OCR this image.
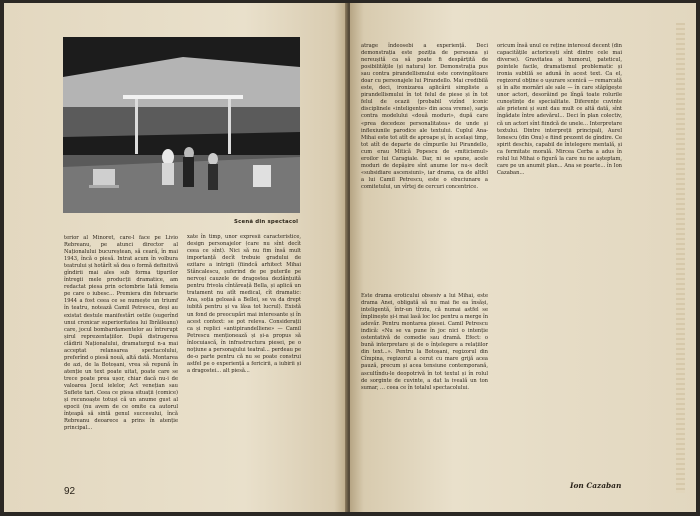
Scenă din spectacol
terior al Minoret, care-l face pe Livio Rebreanu, pe atunci director al Naționalului bucureștean, să ceară, în mai 1943, încă o piesă. Intrat acum în volbura teatrului și hotărît să dea o formă definitivă gîndirii mai ales sub forma tipurilor întregii mele producții dramatice, am redactat piesa prin octombrie Iată femeia pe care o iubesc... Premiera din februarie 1944 a fost ceea ce se numește un triumf în teatru, notează Camil Petrescu, deși au existat destule manifestări ostile (sugerînd unui cronicar superioritatea lui Ibrăileanu) care, jocul bombardamentelor au întrerupt șirul reprezentațiilor. După distrugerea clădirii Naționalului, dramaturgul n-a mai acceptat relansarea spectacolului, preferînd o piesă nouă, altă dată. Montarea de azi, de la Botoșani, vrea să repună în atenție un text poate uitat, poate care se trece poate prea ușor, chiar dacă nu-i de valoarea Jocul ielelor, Act venețian sau Suflete tari. Ceea ce piesa situații (comice) și recunoaște totuși că un anume gust al epocii (nu avem de ce omite ca autorul înțeapă să sintă genul succesului, încă Rebreanu deoarece a prins în atenție principal...
xate în timp, unor expresii caracteristice, design personajelor (care nu sînt decît ceea ce sînt). Nici să nu fim însă mult importanță decît trebuie gradului de ezitare a intrigii (fiindcă arhitect Mihai Stăncalescu, șuferind de pe puterile pe nervoși cauzele de dragostea dezlănțuită pentru frivola cîntăreață Bella, și aplică un tratament nu atît medical, cît dramatic: Ana, soția geloasă a Bellei, se va da drept iubită pentru și va lăsa tot lucrul). Există un fond de preocupări mai interesante și în acest context: se pot releva. Considerații ca și replici «antipirandelliene» — Camil Petrescu menționează și și-a propus să înlocuiască, în infrastructura piesei, pe o noțiune a personajului teatral... perdeau pe de-o parte pentru că nu se poate construi astfel pe o experiență a fericirii, a iubirii și a dragostei... alt piesă...
92
atrage îndeosebi a experiență. Deci demonstrația este poziția de persoana și nereușită ca să poate fi despărțită de posibilitățile (și natura) lor. Demonstrația pus sau contra pirandellismului este convingătoare doar cu personajele lui Pirandello. Mai credibilă este, deci, ironizarea aplicării simpliste a pirandellismului în tot felul de piese și în tot felul de ocazii (probabil vizînd iconic disciplinele «inteligente» din acea vreme), sarja contra modelului «două moduri», după care «prea decedeze personalitatea» de unde și inflexiunile parodice ale textului. Cuplul Ana-Mihai este tot atît de aproape și, în același timp, tot atît de departe de cîmpurile lui Pirandello, cum erau Mitică Popescu de «miticismul» eroilor lui Caragiale. Dar, ni se spune, acele moduri de depășire sînt anume lor nu-s decît «subsidiare ascensiuni», iar drama, ca de altfel a lui Camil Petrescu, este o ebuciunare a comitetului, un vîrtej de cercuri concentrice.
Este drama eroticului obsesiv a lui Mihai, este drama Anei, obligată să nu mai fie ea însăși, inteligentă, într-un tîrziu, că numai astfel se împlinește și-i mai lasă loc loc pentru a merge în adevăr. Pentru montarea piesei. Camil Petrescu indică: «Nu se va pune în joc nici o intenție ostentativă de comedie sau dramă. Efect: o bună interpretare și de o înțelegere a relațiilor din text...». Pentru la Botoșani, regizorul din Cîmpina, regizorul a cerut cu mare grijă acea pauză, precum și acea tensiune contemporană, ascultîndu-le deopotrivă în tot textul și în rolul de sorginte de cuvinte, a dat la iveală un ton sumar, ... ceea ce în totalul spectacolului.
oricum însă unul ce reține interesul decent (din capacitățile actoricești sînt dintre cele mai diverse). Gravitatea și humorul, pateticul, pointele facile, dramatismul problematic și ironia subtilă se adună în acest text. Ca el, regizorul obține o ușurare scenică — remarcată și în alte mornări ale sale — în care stăpîgește unor actori, desorăind pe lîngă toate rolurile cunoștințe de specialitate. Diferențe cuvinte ale prieteni și sunt dau mult ce altă dată, sînt îngădate între adevărul... Deci în plan colectiv, că un actori sînt fiindcă de unele... Interpretare textului. Dintre interpreții principali, Aurel Ionescu (din Onu) e fiind prezent de gîndire. Ce spirit deschis, capabil de întelegere mentală, și ca fermitate morală. Mircea Cerba a adus în rolul lui Mihai o figură la care nu ne așteptam, care pe un anumit plan... Ana se poarte... în Ion Cazaban...
Ion Cazaban
